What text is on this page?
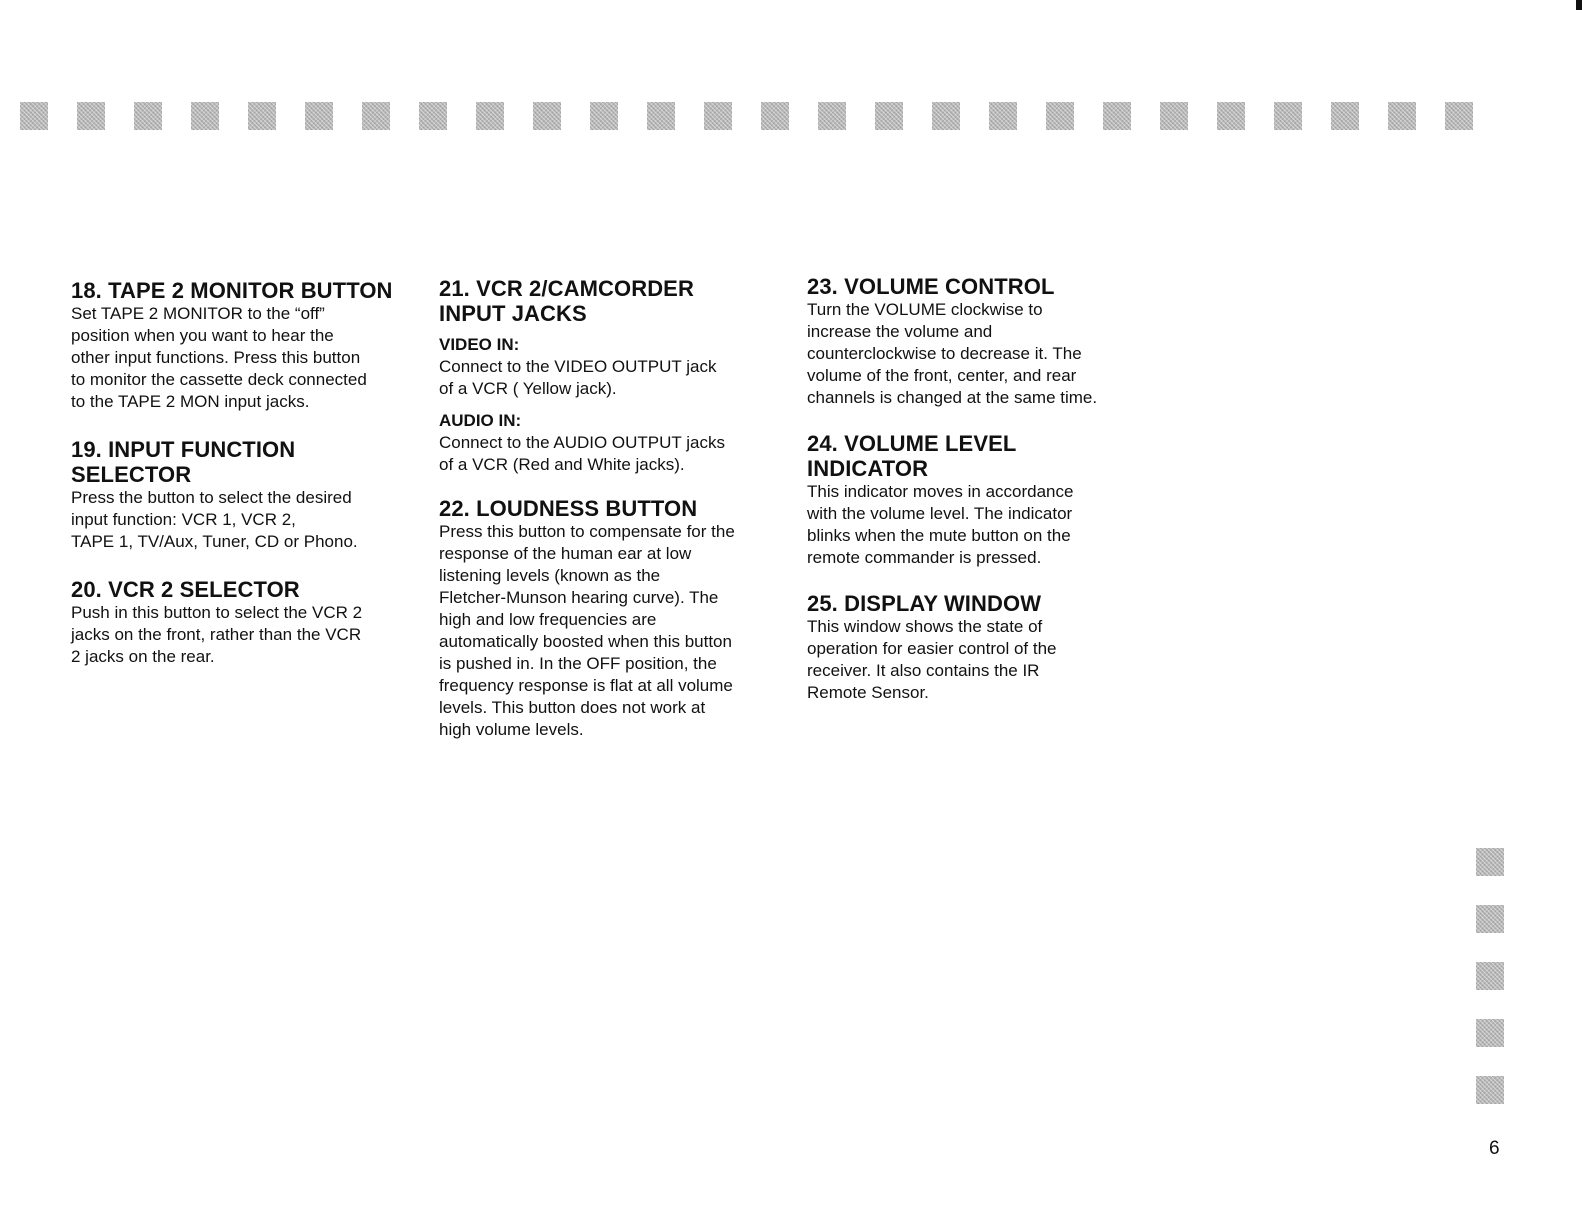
18. TAPE 2 MONITOR BUTTON

Set TAPE 2 MONITOR to the “off”
position when you want to hear the
other input functions. Press this button
to monitor the cassette deck connected
to the TAPE 2 MON input jacks.

19. INPUT FUNCTION
SELECTOR

Press the button to select the desired
input function: VCR 1, VCR 2,
TAPE 1, TV/Aux, Tuner, CD or Phono.

20. VCR 2 SELECTOR

Push in this button to select the VCR 2
jacks on the front, rather than the VCR
2 jacks on the rear.

21. VCR 2/CAMCORDER
INPUT JACKS
VIDEO IN:

Connect to the VIDEO OUTPUT jack
of a VCR ( Yellow jack).

AUDIO IN:

Connect to the AUDIO OUTPUT jacks
of a VCR (Red and White jacks).

22. LOUDNESS BUTTON

Press this button to compensate for the
response of the human ear at low
listening levels (known as the
Fletcher-Munson hearing curve). The
high and low frequencies are
automatically boosted when this button
is pushed in. In the OFF position, the
frequency response is flat at all volume
levels. This button does not work at
high volume levels.

23. VOLUME CONTROL

Turn the VOLUME clockwise to
increase the volume and
counterclockwise to decrease it. The
volume of the front, center, and rear
channels is changed at the same time.

24. VOLUME LEVEL
INDICATOR

This indicator moves in accordance
with the volume level. The indicator
blinks when the mute button on the
remote commander is pressed.

25. DISPLAY WINDOW

This window shows the state of
operation for easier control of the
receiver. It also contains the IR
Remote Sensor.

6
